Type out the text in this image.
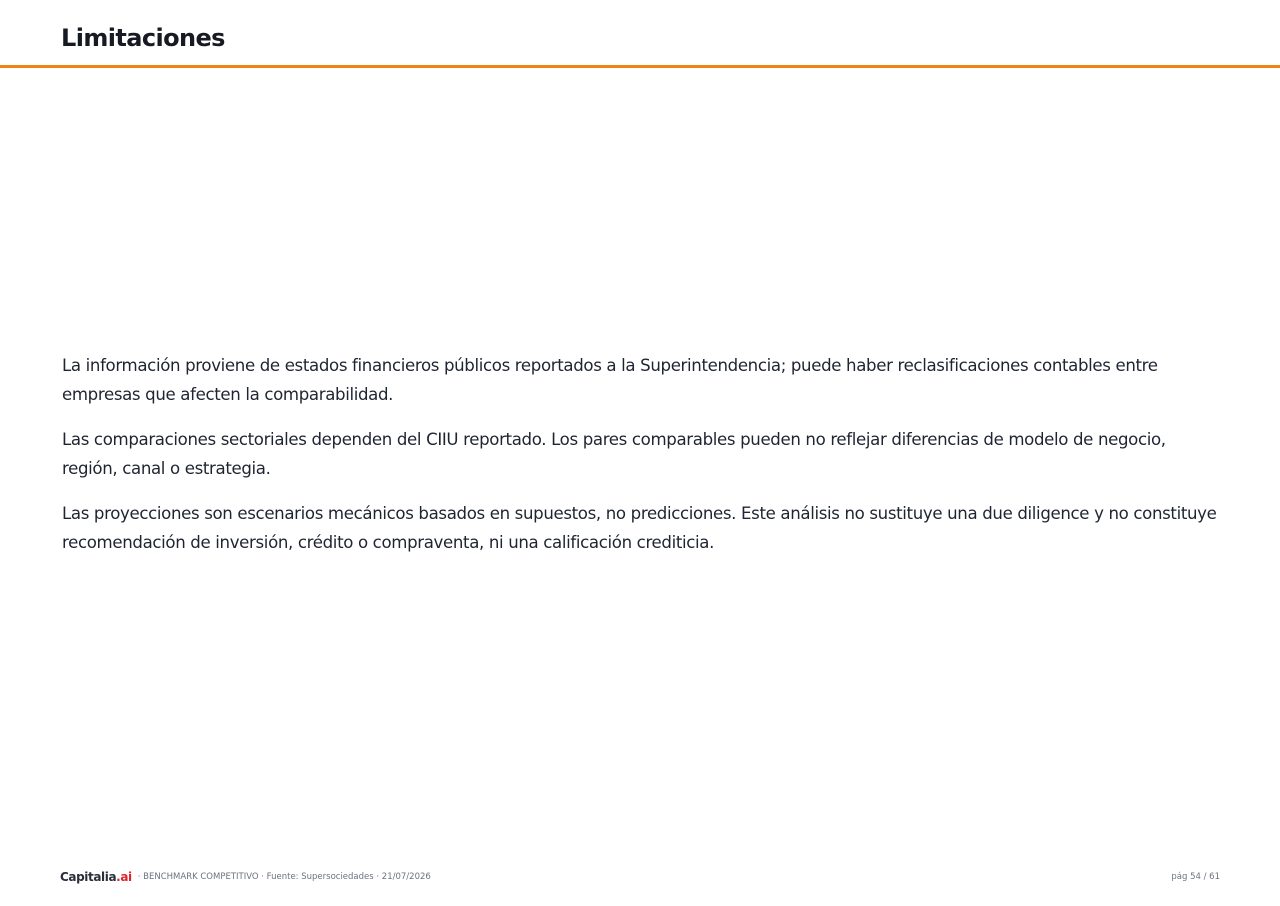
Limitaciones

La información proviene de estados financieros públicos reportados a la Superintendencia; puede haber reclasificaciones contables entre empresas que afecten la comparabilidad.

Las comparaciones sectoriales dependen del CIIU reportado. Los pares comparables pueden no reflejar diferencias de modelo de negocio, región, canal o estrategia.

Las proyecciones son escenarios mecánicos basados en supuestos, no predicciones. Este análisis no sustituye una due diligence y no constituye recomendación de inversión, crédito o compraventa, ni una calificación crediticia.

Capitalia.ai · BENCHMARK COMPETITIVO · Fuente: Supersociedades · 21/07/2026	pág 54 / 61
